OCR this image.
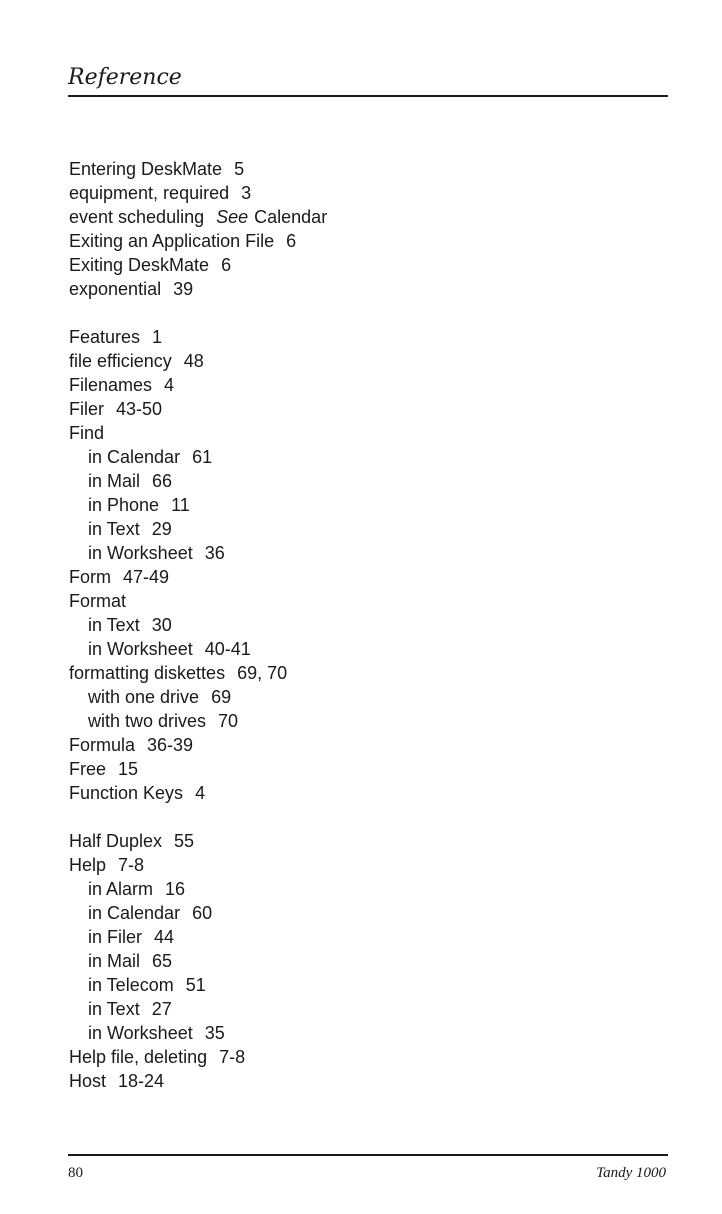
Reference
Entering DeskMate 5
equipment, required 3
event scheduling See Calendar
Exiting an Application File 6
Exiting DeskMate 6
exponential 39
Features 1
file efficiency 48
Filenames 4
Filer 43-50
Find
in Calendar 61
in Mail 66
in Phone 11
in Text 29
in Worksheet 36
Form 47-49
Format
in Text 30
in Worksheet 40-41
formatting diskettes 69, 70
with one drive 69
with two drives 70
Formula 36-39
Free 15
Function Keys 4
Half Duplex 55
Help 7-8
in Alarm 16
in Calendar 60
in Filer 44
in Mail 65
in Telecom 51
in Text 27
in Worksheet 35
Help file, deleting 7-8
Host 18-24
80	Tandy 1000
